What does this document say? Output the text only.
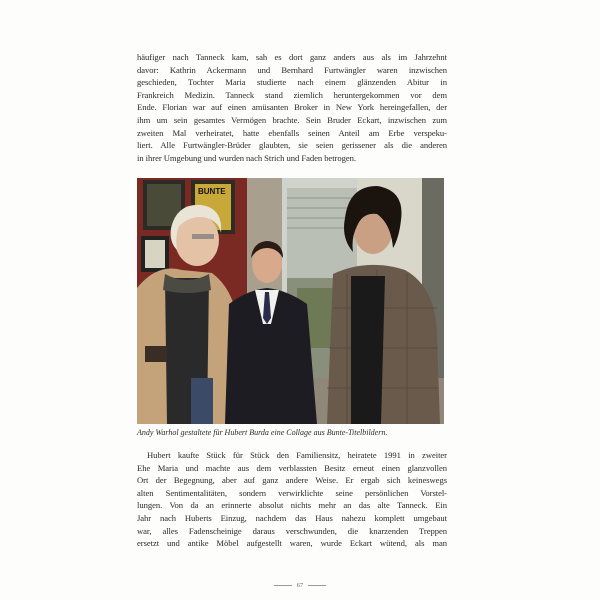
häufiger nach Tanneck kam, sah es dort ganz anders aus als im Jahrzehnt
davor: Kathrin Ackermann und Bernhard Furtwängler waren inzwischen
geschieden, Tochter Maria studierte nach einem glänzenden Abitur in
Frankreich Medizin. Tanneck stand ziemlich heruntergekommen vor dem
Ende. Florian war auf einen amüsanten Broker in New York hereingefallen, der
ihm um sein gesamtes Vermögen brachte. Sein Bruder Eckart, inzwischen zum
zweiten Mal verheiratet, hatte ebenfalls seinen Anteil am Erbe verspeku-
liert. Alle Furtwängler-Brüder glaubten, sie seien gerissener als die anderen
in ihrer Umgebung und wurden nach Strich und Faden betrogen.
BUNTE
Andy Warhol gestaltete für Hubert Burda eine Collage aus Bunte-Titelbildern.
Hubert kaufte Stück für Stück den Familiensitz, heiratete 1991 in zweiter
Ehe Maria und machte aus dem verblassten Besitz erneut einen glanzvollen
Ort der Begegnung, aber auf ganz andere Weise. Er ergab sich keineswegs
alten Sentimentalitäten, sondern verwirklichte seine persönlichen Vorstel-
lungen. Von da an erinnerte absolut nichts mehr an das alte Tanneck. Ein
Jahr nach Huberts Einzug, nachdem das Haus nahezu komplett umgebaut
war, alles Fadenscheinige daraus verschwunden, die knarzenden Treppen
ersetzt und antike Möbel aufgestellt waren, wurde Eckart wütend, als man
67
